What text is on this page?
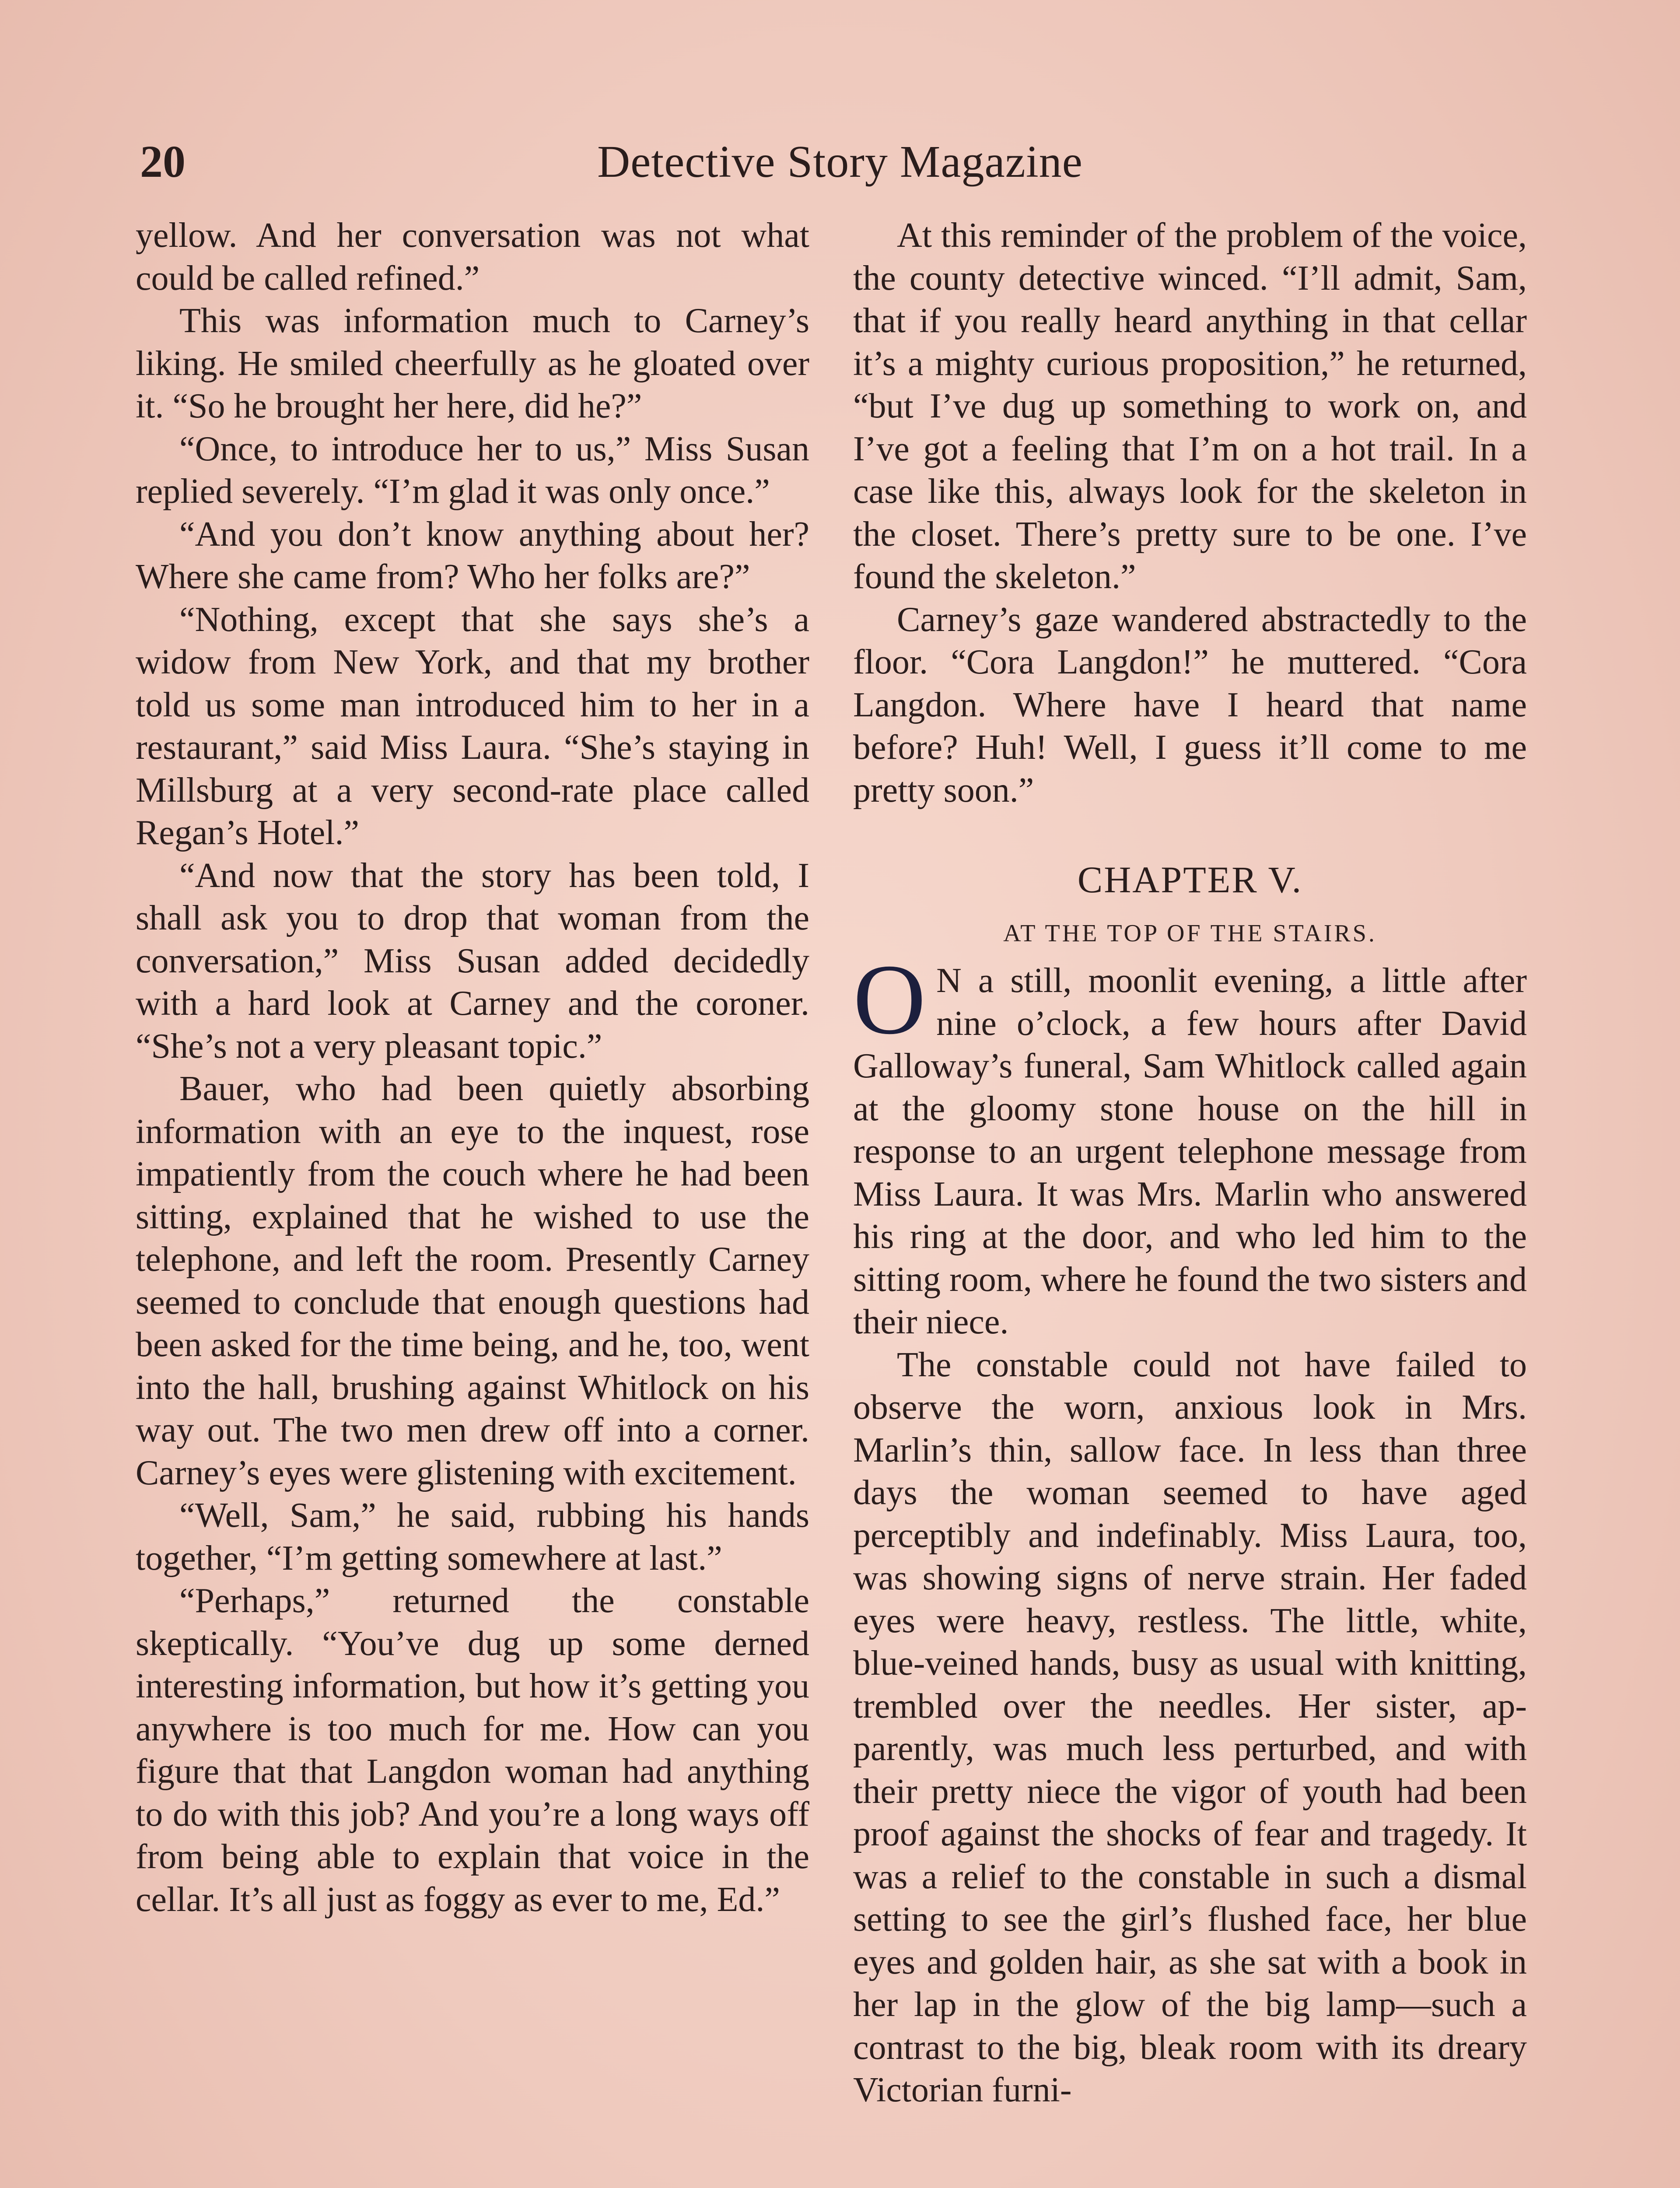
20	Detective Story Magazine

yellow. And her conversation was not what could be called refined.”

This was information much to Carney’s liking. He smiled cheerfully as he gloated over it. “So he brought her here, did he?”

“Once, to introduce her to us,” Miss Susan replied severely. “I’m glad it was only once.”

“And you don’t know anything about her? Where she came from? Who her folks are?”

“Nothing, except that she says she’s a widow from New York, and that my brother told us some man introduced him to her in a restaurant,” said Miss Laura. “She’s staying in Millsburg at a very second-rate place called Regan’s Hotel.”

“And now that the story has been told, I shall ask you to drop that woman from the conversation,” Miss Susan added decidedly with a hard look at Carney and the coroner. “She’s not a very pleasant topic.”

Bauer, who had been quietly absorbing information with an eye to the inquest, rose impatiently from the couch where he had been sitting, explained that he wished to use the telephone, and left the room. Presently Carney seemed to conclude that enough questions had been asked for the time being, and he, too, went into the hall, brushing against Whitlock on his way out. The two men drew off into a corner. Carney’s eyes were glistening with excitement.

“Well, Sam,” he said, rubbing his hands together, “I’m getting somewhere at last.”

“Perhaps,” returned the constable skeptically. “You’ve dug up some derned interesting information, but how it’s getting you anywhere is too much for me. How can you figure that that Langdon woman had anything to do with this job? And you’re a long ways off from being able to explain that voice in the cellar. It’s all just as foggy as ever to me, Ed.”

At this reminder of the problem of the voice, the county detective winced. “I’ll admit, Sam, that if you really heard anything in that cellar it’s a mighty curious proposition,” he returned, “but I’ve dug up something to work on, and I’ve got a feeling that I’m on a hot trail. In a case like this, always look for the skeleton in the closet. There’s pretty sure to be one. I’ve found the skeleton.”

Carney’s gaze wandered abstractedly to the floor. “Cora Langdon!” he muttered. “Cora Langdon. Where have I heard that name before? Huh! Well, I guess it’ll come to me pretty soon.”

CHAPTER V.
AT THE TOP OF THE STAIRS.

O N a still, moonlit evening, a little after nine o’clock, a few hours after David Galloway’s funeral, Sam Whitlock called again at the gloomy stone house on the hill in response to an urgent telephone message from Miss Laura. It was Mrs. Marlin who answered his ring at the door, and who led him to the sitting room, where he found the two sisters and their niece.

The constable could not have failed to observe the worn, anxious look in Mrs. Marlin’s thin, sallow face. In less than three days the woman seemed to have aged perceptibly and indefinably. Miss Laura, too, was showing signs of nerve strain. Her faded eyes were heavy, restless. The little, white, blue-veined hands, busy as usual with knitting, trembled over the needles. Her sister, apparently, was much less perturbed, and with their pretty niece the vigor of youth had been proof against the shocks of fear and tragedy. It was a relief to the constable in such a dismal setting to see the girl’s flushed face, her blue eyes and golden hair, as she sat with a book in her lap in the glow of the big lamp—such a contrast to the big, bleak room with its dreary Victorian furni-
